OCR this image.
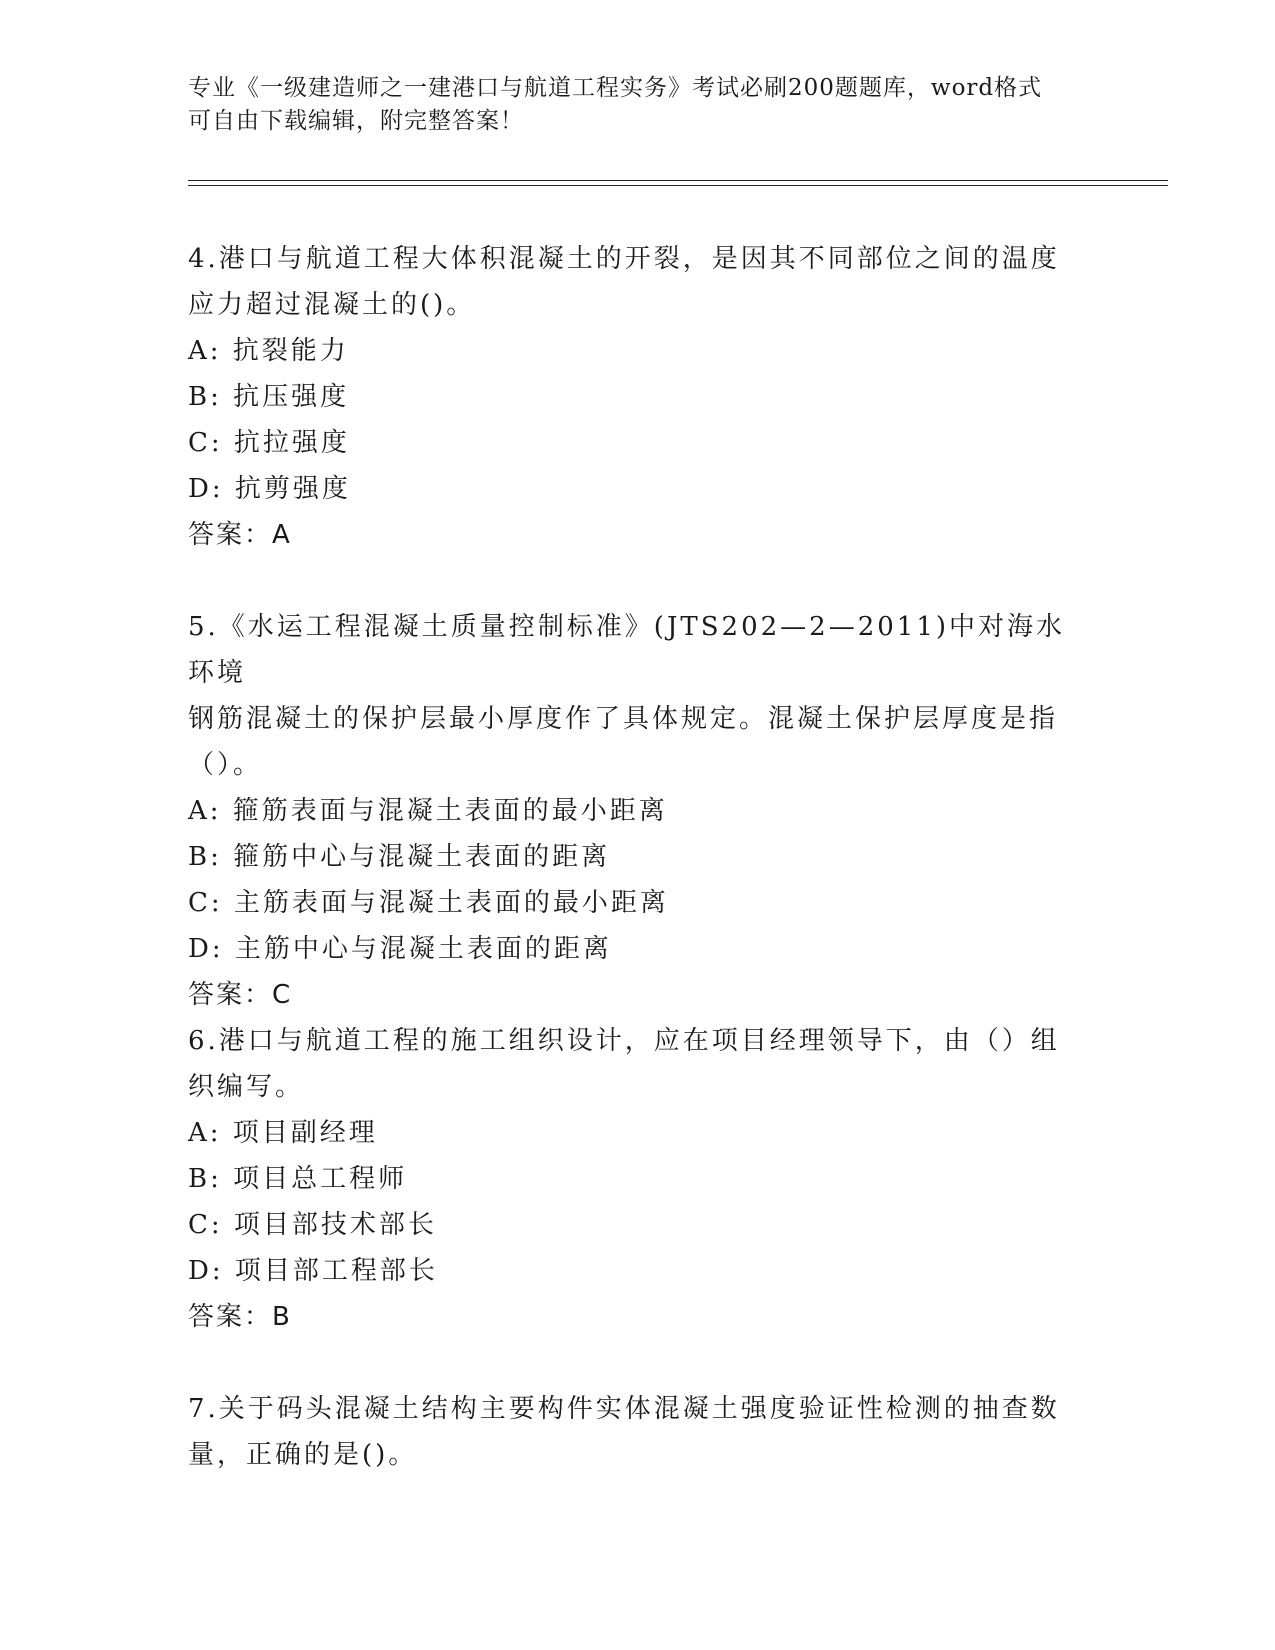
专业《一级建造师之一建港口与航道工程实务》考试必刷200题题库，word格式
可自由下载编辑，附完整答案！
4.港口与航道工程大体积混凝土的开裂，是因其不同部位之间的温度
应力超过混凝土的()。
A: 抗裂能力
B: 抗压强度
C: 抗拉强度
D: 抗剪强度
答案：A
5.《水运工程混凝土质量控制标准》(JTS202—2—2011)中对海水环境
钢筋混凝土的保护层最小厚度作了具体规定。混凝土保护层厚度是指
（）。
A: 箍筋表面与混凝土表面的最小距离
B: 箍筋中心与混凝土表面的距离
C: 主筋表面与混凝土表面的最小距离
D: 主筋中心与混凝土表面的距离
答案：C
6.港口与航道工程的施工组织设计，应在项目经理领导下，由（）组
织编写。
A: 项目副经理
B: 项目总工程师
C: 项目部技术部长
D: 项目部工程部长
答案：B
7.关于码头混凝土结构主要构件实体混凝土强度验证性检测的抽查数
量，正确的是()。
